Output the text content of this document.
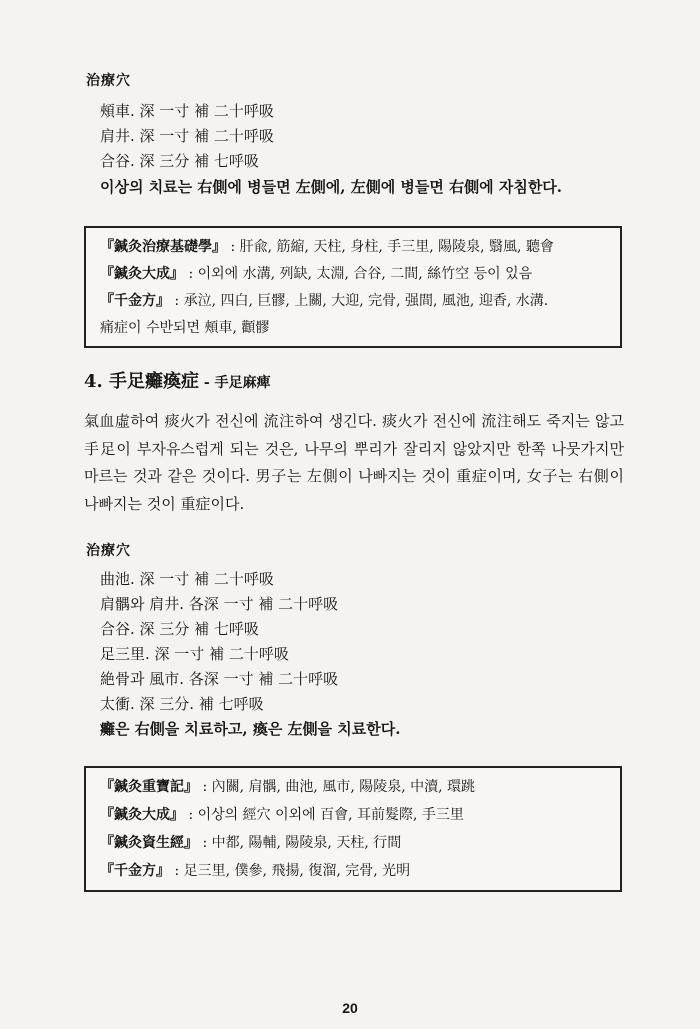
治療穴
頰車. 深 一寸 補 二十呼吸
肩井. 深 一寸 補 二十呼吸
合谷. 深 三分 補 七呼吸
이상의 치료는 右側에 병들면 左側에, 左側에 병들면 右側에 자침한다.
『鍼灸治療基礎學』 : 肝兪, 筋縮, 天柱, 身柱, 手三里, 陽陵泉, 翳風, 聽會
『鍼灸大成』 : 이외에 水溝, 列缺, 太淵, 合谷, 二間, 絲竹空 등이 있음
『千金方』 : 承泣, 四白, 巨髎, 上關, 大迎, 完骨, 强間, 風池, 迎香, 水溝.
痛症이 수반되면 頰車, 顴髎
4. 手足癱瘓症 - 手足麻痺
氣血虛하여 痰火가 전신에 流注하여 생긴다. 痰火가 전신에 流注해도 죽지는 않고 手足이 부자유스럽게 되는 것은, 나무의 뿌리가 잘리지 않았지만 한쪽 나뭇가지만 마르는 것과 같은 것이다. 男子는 左側이 나빠지는 것이 重症이며, 女子는 右側이 나빠지는 것이 重症이다.
治療穴
曲池. 深 一寸 補 二十呼吸
肩髃와 肩井. 各深 一寸 補 二十呼吸
合谷. 深 三分 補 七呼吸
足三里. 深 一寸 補 二十呼吸
絶骨과 風市. 各深 一寸 補 二十呼吸
太衝. 深 三分. 補 七呼吸
癱은 右側을 치료하고, 瘓은 左側을 치료한다.
『鍼灸重寶記』 : 內關, 肩髃, 曲池, 風市, 陽陵泉, 中瀆, 環跳
『鍼灸大成』 : 이상의 經穴 이외에 百會, 耳前髮際, 手三里
『鍼灸資生經』 : 中都, 陽輔, 陽陵泉, 天柱, 行間
『千金方』 : 足三里, 僕參, 飛揚, 復溜, 完骨, 光明
20
